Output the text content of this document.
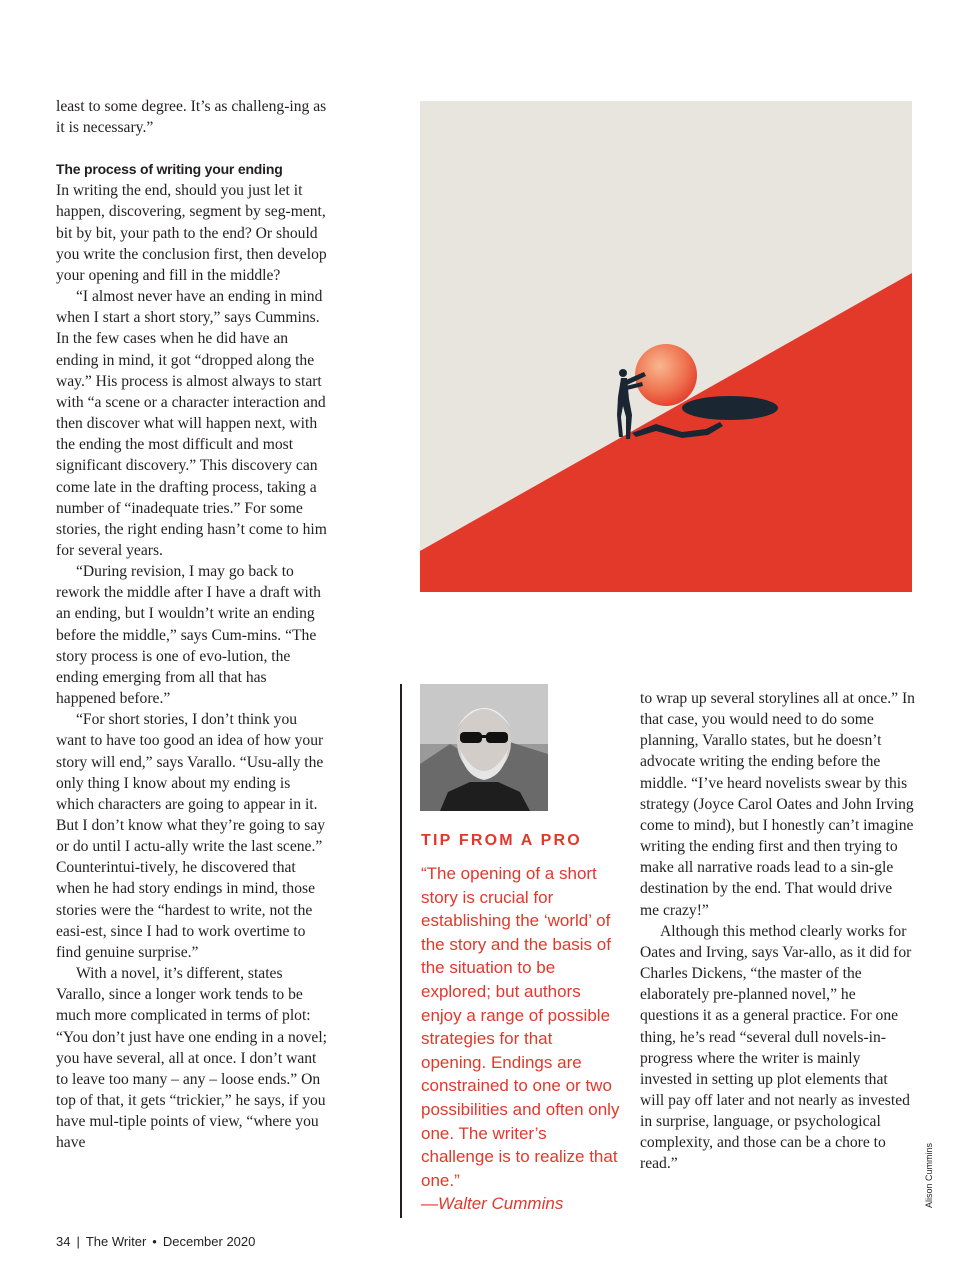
least to some degree. It’s as challeng-ing as it is necessary.”

The process of writing your ending

In writing the end, should you just let it happen, discovering, segment by seg-ment, bit by bit, your path to the end? Or should you write the conclusion first, then develop your opening and fill in the middle?

“I almost never have an ending in mind when I start a short story,” says Cummins. In the few cases when he did have an ending in mind, it got “dropped along the way.” His process is almost always to start with “a scene or a character interaction and then discover what will happen next, with the ending the most difficult and most significant discovery.” This discovery can come late in the drafting process, taking a number of “inadequate tries.” For some stories, the right ending hasn’t come to him for several years.

“During revision, I may go back to rework the middle after I have a draft with an ending, but I wouldn’t write an ending before the middle,” says Cum-mins. “The story process is one of evo-lution, the ending emerging from all that has happened before.”

“For short stories, I don’t think you want to have too good an idea of how your story will end,” says Varallo. “Usu-ally the only thing I know about my ending is which characters are going to appear in it. But I don’t know what they’re going to say or do until I actu-ally write the last scene.” Counterintui-tively, he discovered that when he had story endings in mind, those stories were the “hardest to write, not the easi-est, since I had to work overtime to find genuine surprise.”

With a novel, it’s different, states Varallo, since a longer work tends to be much more complicated in terms of plot: “You don’t just have one ending in a novel; you have several, all at once. I don’t want to leave too many – any – loose ends.” On top of that, it gets “trickier,” he says, if you have mul-tiple points of view, “where you have

TIP FROM A PRO
“The opening of a short story is crucial for establishing the ‘world’ of the story and the basis of the situation to be explored; but authors enjoy a range of possible strategies for that opening. Endings are constrained to one or two possibilities and often only one. The writer’s challenge is to realize that one.”
—Walter Cummins

to wrap up several storylines all at once.” In that case, you would need to do some planning, Varallo states, but he doesn’t advocate writing the ending before the middle. “I’ve heard novelists swear by this strategy (Joyce Carol Oates and John Irving come to mind), but I honestly can’t imagine writing the ending first and then trying to make all narrative roads lead to a sin-gle destination by the end. That would drive me crazy!”

Although this method clearly works for Oates and Irving, says Var-allo, as it did for Charles Dickens, “the master of the elaborately pre-planned novel,” he questions it as a general practice. For one thing, he’s read “several dull novels-in-progress where the writer is mainly invested in setting up plot elements that will pay off later and not nearly as invested in surprise, language, or psychological complexity, and those can be a chore to read.”	Alison Cummins
34 | The Writer • December 2020
